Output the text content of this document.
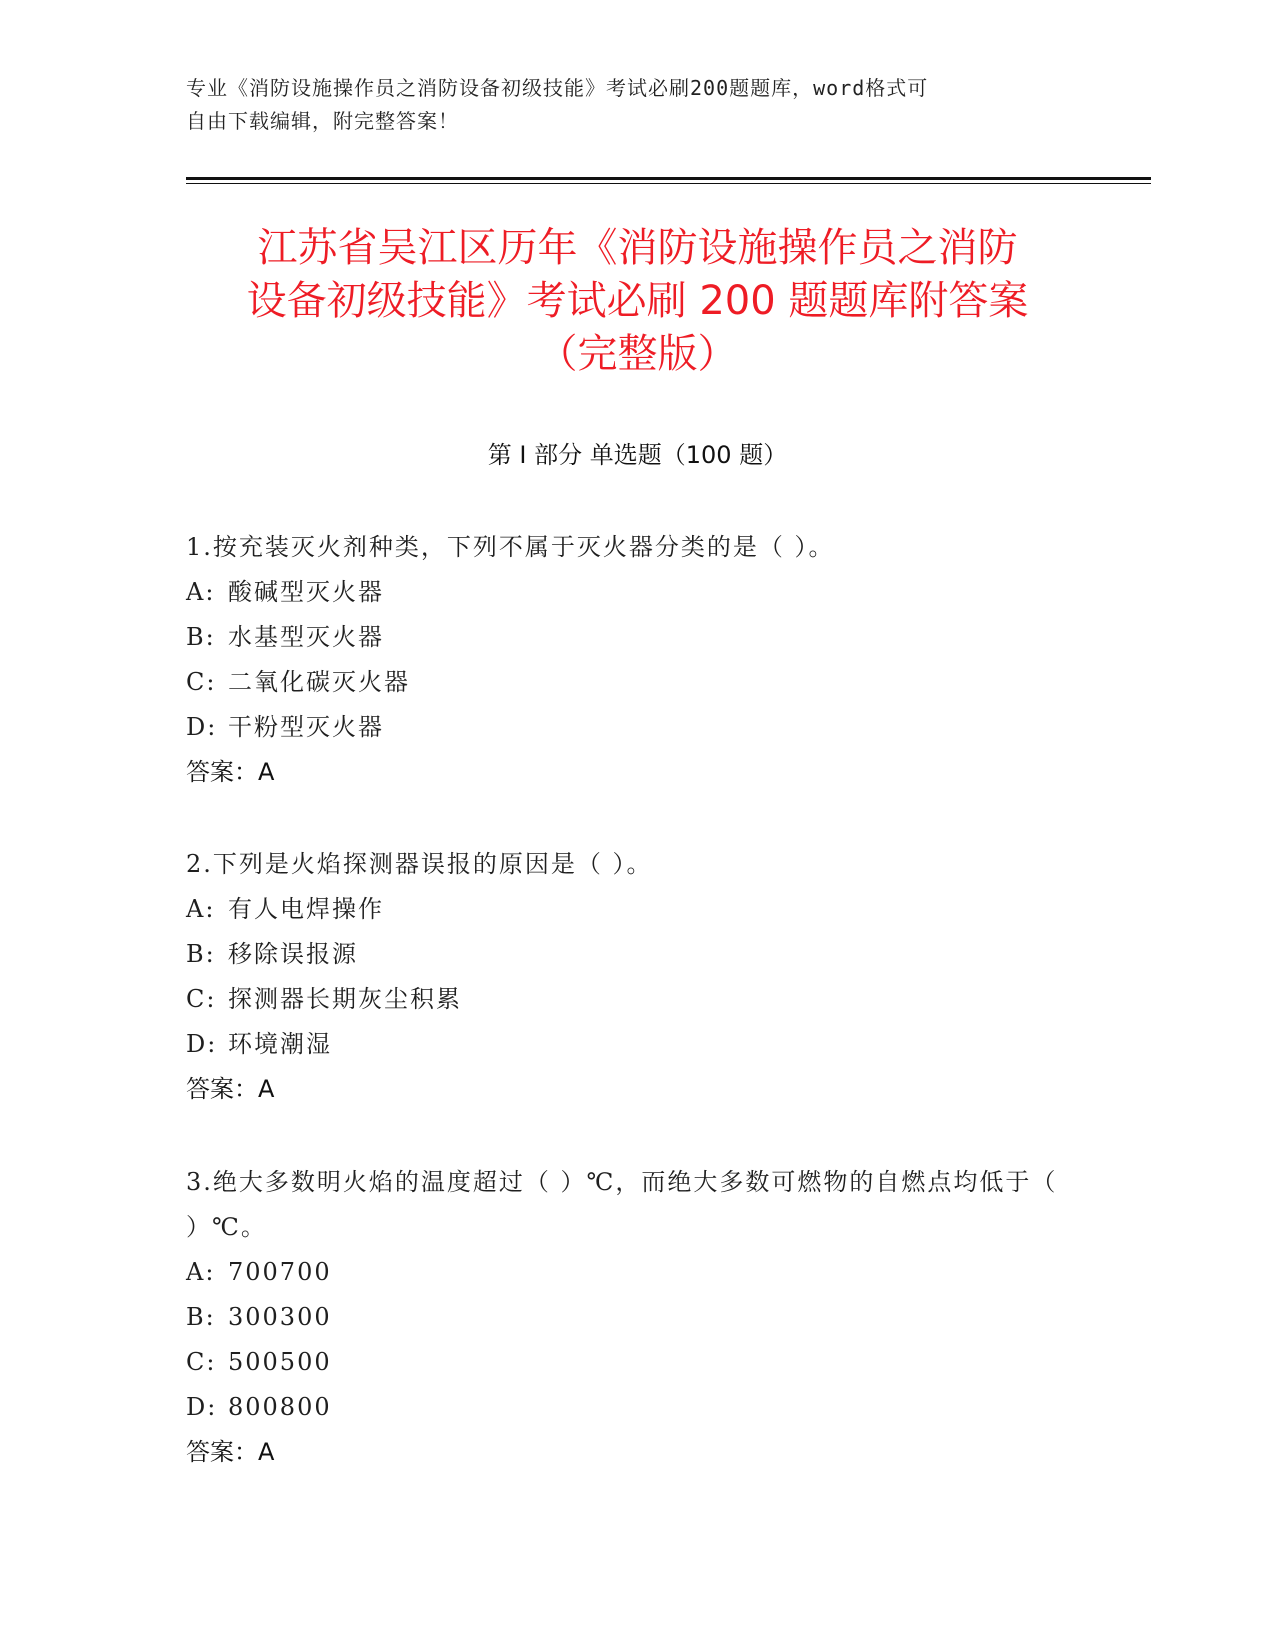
专业《消防设施操作员之消防设备初级技能》考试必刷200题题库，word格式可
自由下载编辑，附完整答案！
江苏省吴江区历年《消防设施操作员之消防
设备初级技能》考试必刷 200 题题库附答案
（完整版）
第 I 部分 单选题（100 题）
1.按充装灭火剂种类，下列不属于灭火器分类的是（ ）。
A: 酸碱型灭火器
B: 水基型灭火器
C: 二氧化碳灭火器
D: 干粉型灭火器
答案：A
2.下列是火焰探测器误报的原因是（ ）。
A: 有人电焊操作
B: 移除误报源
C: 探测器长期灰尘积累
D: 环境潮湿
答案：A
3.绝大多数明火焰的温度超过（ ）℃，而绝大多数可燃物的自燃点均低于（ ）℃。
A: 700700
B: 300300
C: 500500
D: 800800
答案：A
